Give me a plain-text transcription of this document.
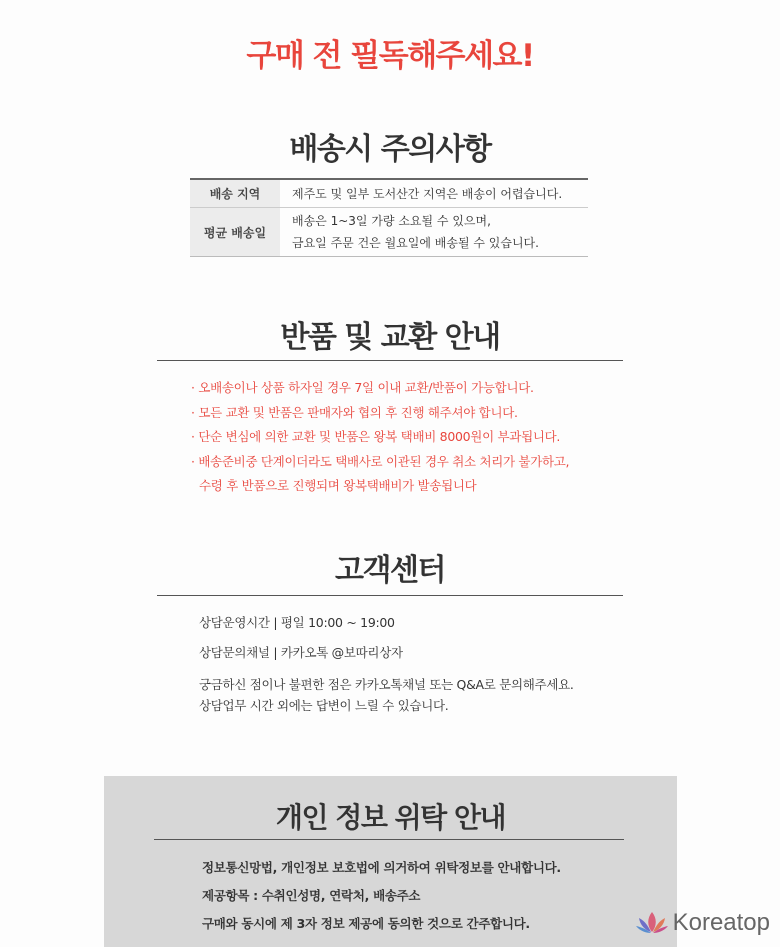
구매 전 필독해주세요!
배송시 주의사항
배송 지역	제주도 및 일부 도서산간 지역은 배송이 어렵습니다.
평균 배송일	배송은 1~3일 가량 소요될 수 있으며,
금요일 주문 건은 월요일에 배송될 수 있습니다.
반품 및 교환 안내
· 오배송이나 상품 하자일 경우 7일 이내 교환/반품이 가능합니다.
· 모든 교환 및 반품은 판매자와 협의 후 진행 해주셔야 합니다.
· 단순 변심에 의한 교환 및 반품은 왕복 택배비 8000원이 부과됩니다.
· 배송준비중 단계이더라도 택배사로 이관된 경우 취소 처리가 불가하고,
수령 후 반품으로 진행되며 왕복택배비가 발송됩니다
고객센터
상담운영시간 | 평일 10:00 ~ 19:00
상담문의채널 | 카카오톡 @보따리상자
궁금하신 점이나 불편한 점은 카카오톡채널 또는 Q&A로 문의해주세요.
상담업무 시간 외에는 답변이 느릴 수 있습니다.
개인 정보 위탁 안내
정보통신망법, 개인정보 보호법에 의거하여 위탁정보를 안내합니다.
제공항목 : 수취인성명, 연락처, 배송주소
구매와 동시에 제 3자 정보 제공에 동의한 것으로 간주합니다.	Koreatop
